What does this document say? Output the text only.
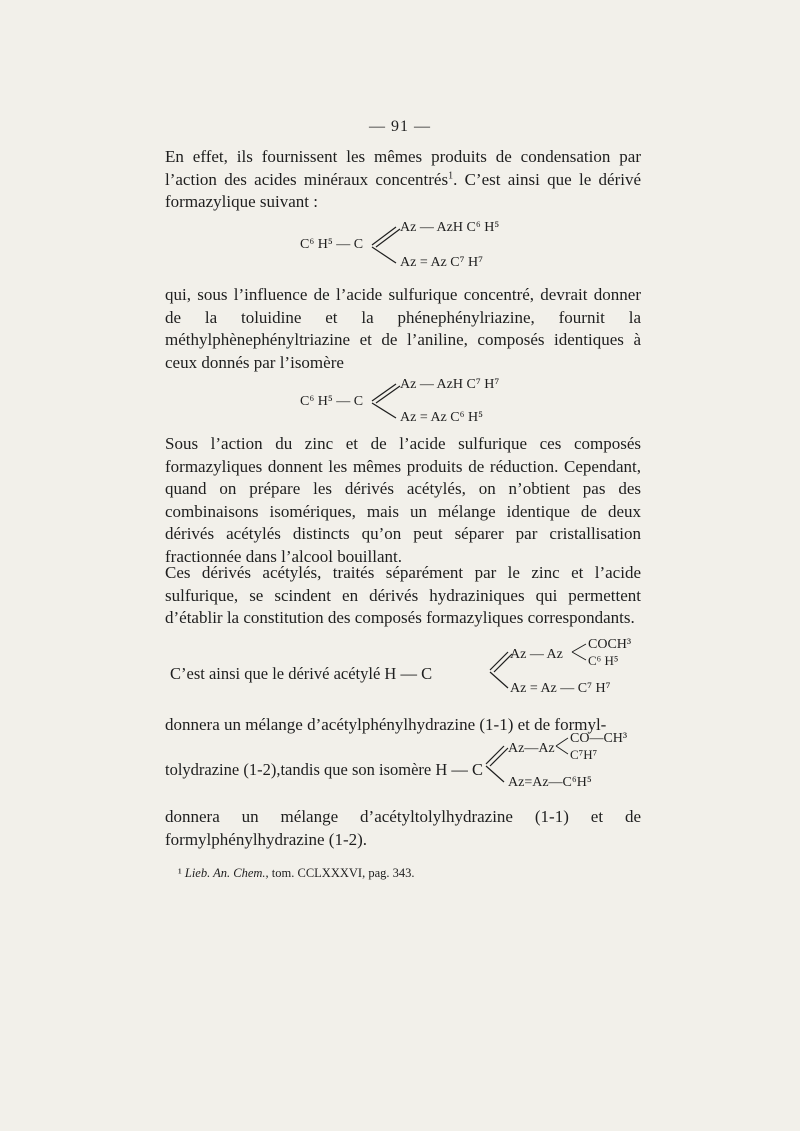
— 91 —

En effet, ils fournissent les mêmes produits de condensation par l’action des acides minéraux concentrés$^1$. C’est ainsi que le dérivé formazylique suivant :

C⁶ H⁵ — C
Az — AzH C⁶ H⁵
Az = Az C⁷ H⁷

qui, sous l’influence de l’acide sulfurique concentré, devrait donner de la toluidine et la phénephénylriazine, fournit la méthylphènephényltriazine et de l’aniline, composés identiques à ceux donnés par l’isomère

C⁶ H⁵ — C
Az — AzH C⁷ H⁷
Az = Az C⁶ H⁵

Sous l’action du zinc et de l’acide sulfurique ces composés formazyliques donnent les mêmes produits de réduction. Cependant, quand on prépare les dérivés acétylés, on n’obtient pas des combinaisons isomériques, mais un mélange identique de deux dérivés acétylés distincts qu’on peut séparer par cristallisation fractionnée dans l’alcool bouillant.

Ces dérivés acétylés, traités séparément par le zinc et l’acide sulfurique, se scindent en dérivés hydraziniques qui permettent d’établir la constitution des composés formazyliques correspondants.

C’est ainsi que le dérivé acétylé H — C
Az — Az
COCH³
C⁶ H⁵
Az = Az — C⁷ H⁷

donnera un mélange d’acétylphénylhydrazine (1-1) et de formyl-

tolydrazine (1-2),tandis que son isomère H — C
Az—Az
CO—CH³
C⁷H⁷
Az=Az—C⁶H⁵

donnera un mélange d’acétyltolylhydrazine (1-1) et de formylphénylhydrazine (1-2).

¹ Lieb. An. Chem., tom. CCLXXXVI, pag. 343.
